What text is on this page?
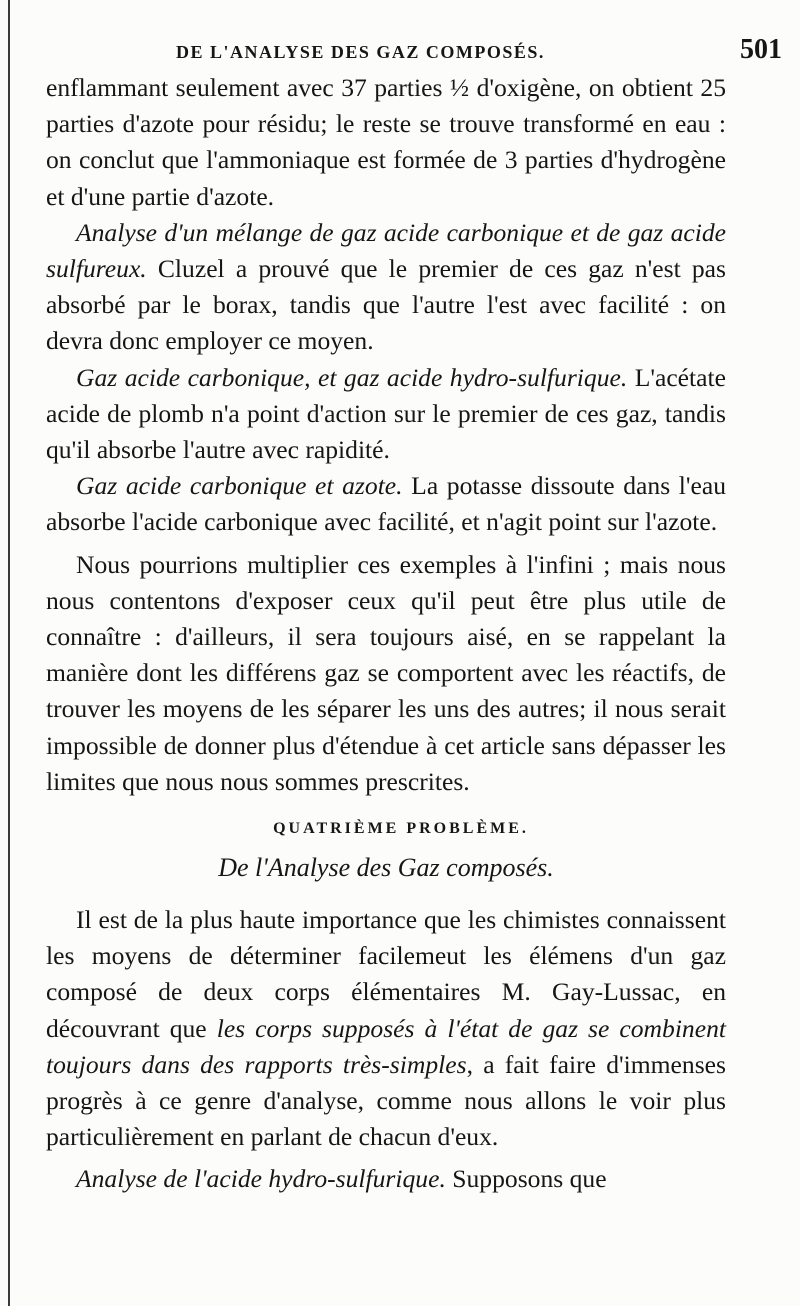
DE L'ANALYSE DES GAZ COMPOSÉS.	501

enflammant seulement avec 37 parties ½ d'oxigène, on obtient 25 parties d'azote pour résidu; le reste se trouve transformé en eau : on conclut que l'ammoniaque est formée de 3 parties d'hydrogène et d'une partie d'azote.

Analyse d'un mélange de gaz acide carbonique et de gaz acide sulfureux. Cluzel a prouvé que le premier de ces gaz n'est pas absorbé par le borax, tandis que l'autre l'est avec facilité : on devra donc employer ce moyen.

Gaz acide carbonique, et gaz acide hydro-sulfurique. L'acétate acide de plomb n'a point d'action sur le premier de ces gaz, tandis qu'il absorbe l'autre avec rapidité.

Gaz acide carbonique et azote. La potasse dissoute dans l'eau absorbe l'acide carbonique avec facilité, et n'agit point sur l'azote.

Nous pourrions multiplier ces exemples à l'infini ; mais nous nous contentons d'exposer ceux qu'il peut être plus utile de connaître : d'ailleurs, il sera toujours aisé, en se rappelant la manière dont les différens gaz se comportent avec les réactifs, de trouver les moyens de les séparer les uns des autres; il nous serait impossible de donner plus d'étendue à cet article sans dépasser les limites que nous nous sommes prescrites.

QUATRIÈME PROBLÈME.
De l'Analyse des Gaz composés.

Il est de la plus haute importance que les chimistes connaissent les moyens de déterminer facilemeut les élémens d'un gaz composé de deux corps élémentaires M. Gay-Lussac, en découvrant que les corps supposés à l'état de gaz se combinent toujours dans des rapports très-simples, a fait faire d'immenses progrès à ce genre d'analyse, comme nous allons le voir plus particulièrement en parlant de chacun d'eux.

Analyse de l'acide hydro-sulfurique. Supposons que
